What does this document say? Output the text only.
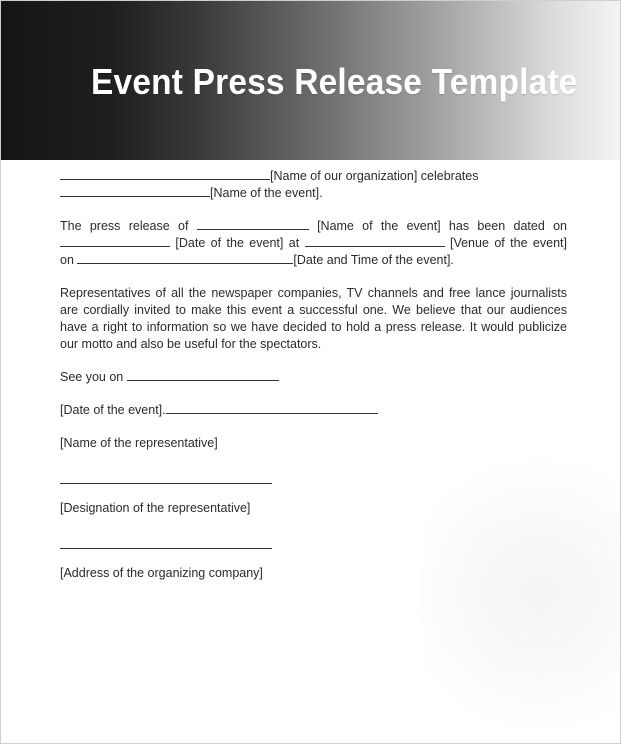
Event Press Release Template

[Name of our organization] celebrates

[Name of the event].

The press release of	[Name of the event] has been dated on

[Date of the event] at	[Venue of the event]

on	[Date and Time of the event].

Representatives of all the newspaper companies, TV channels and free lance journalists are cordially invited to make this event a successful one. We believe that our audiences have a right to information so we have decided to hold a press release. It would publicize our motto and also be useful for the spectators.

See you on

[Date of the event].

[Name of the representative]

[Designation of the representative]

[Address of the organizing company]
